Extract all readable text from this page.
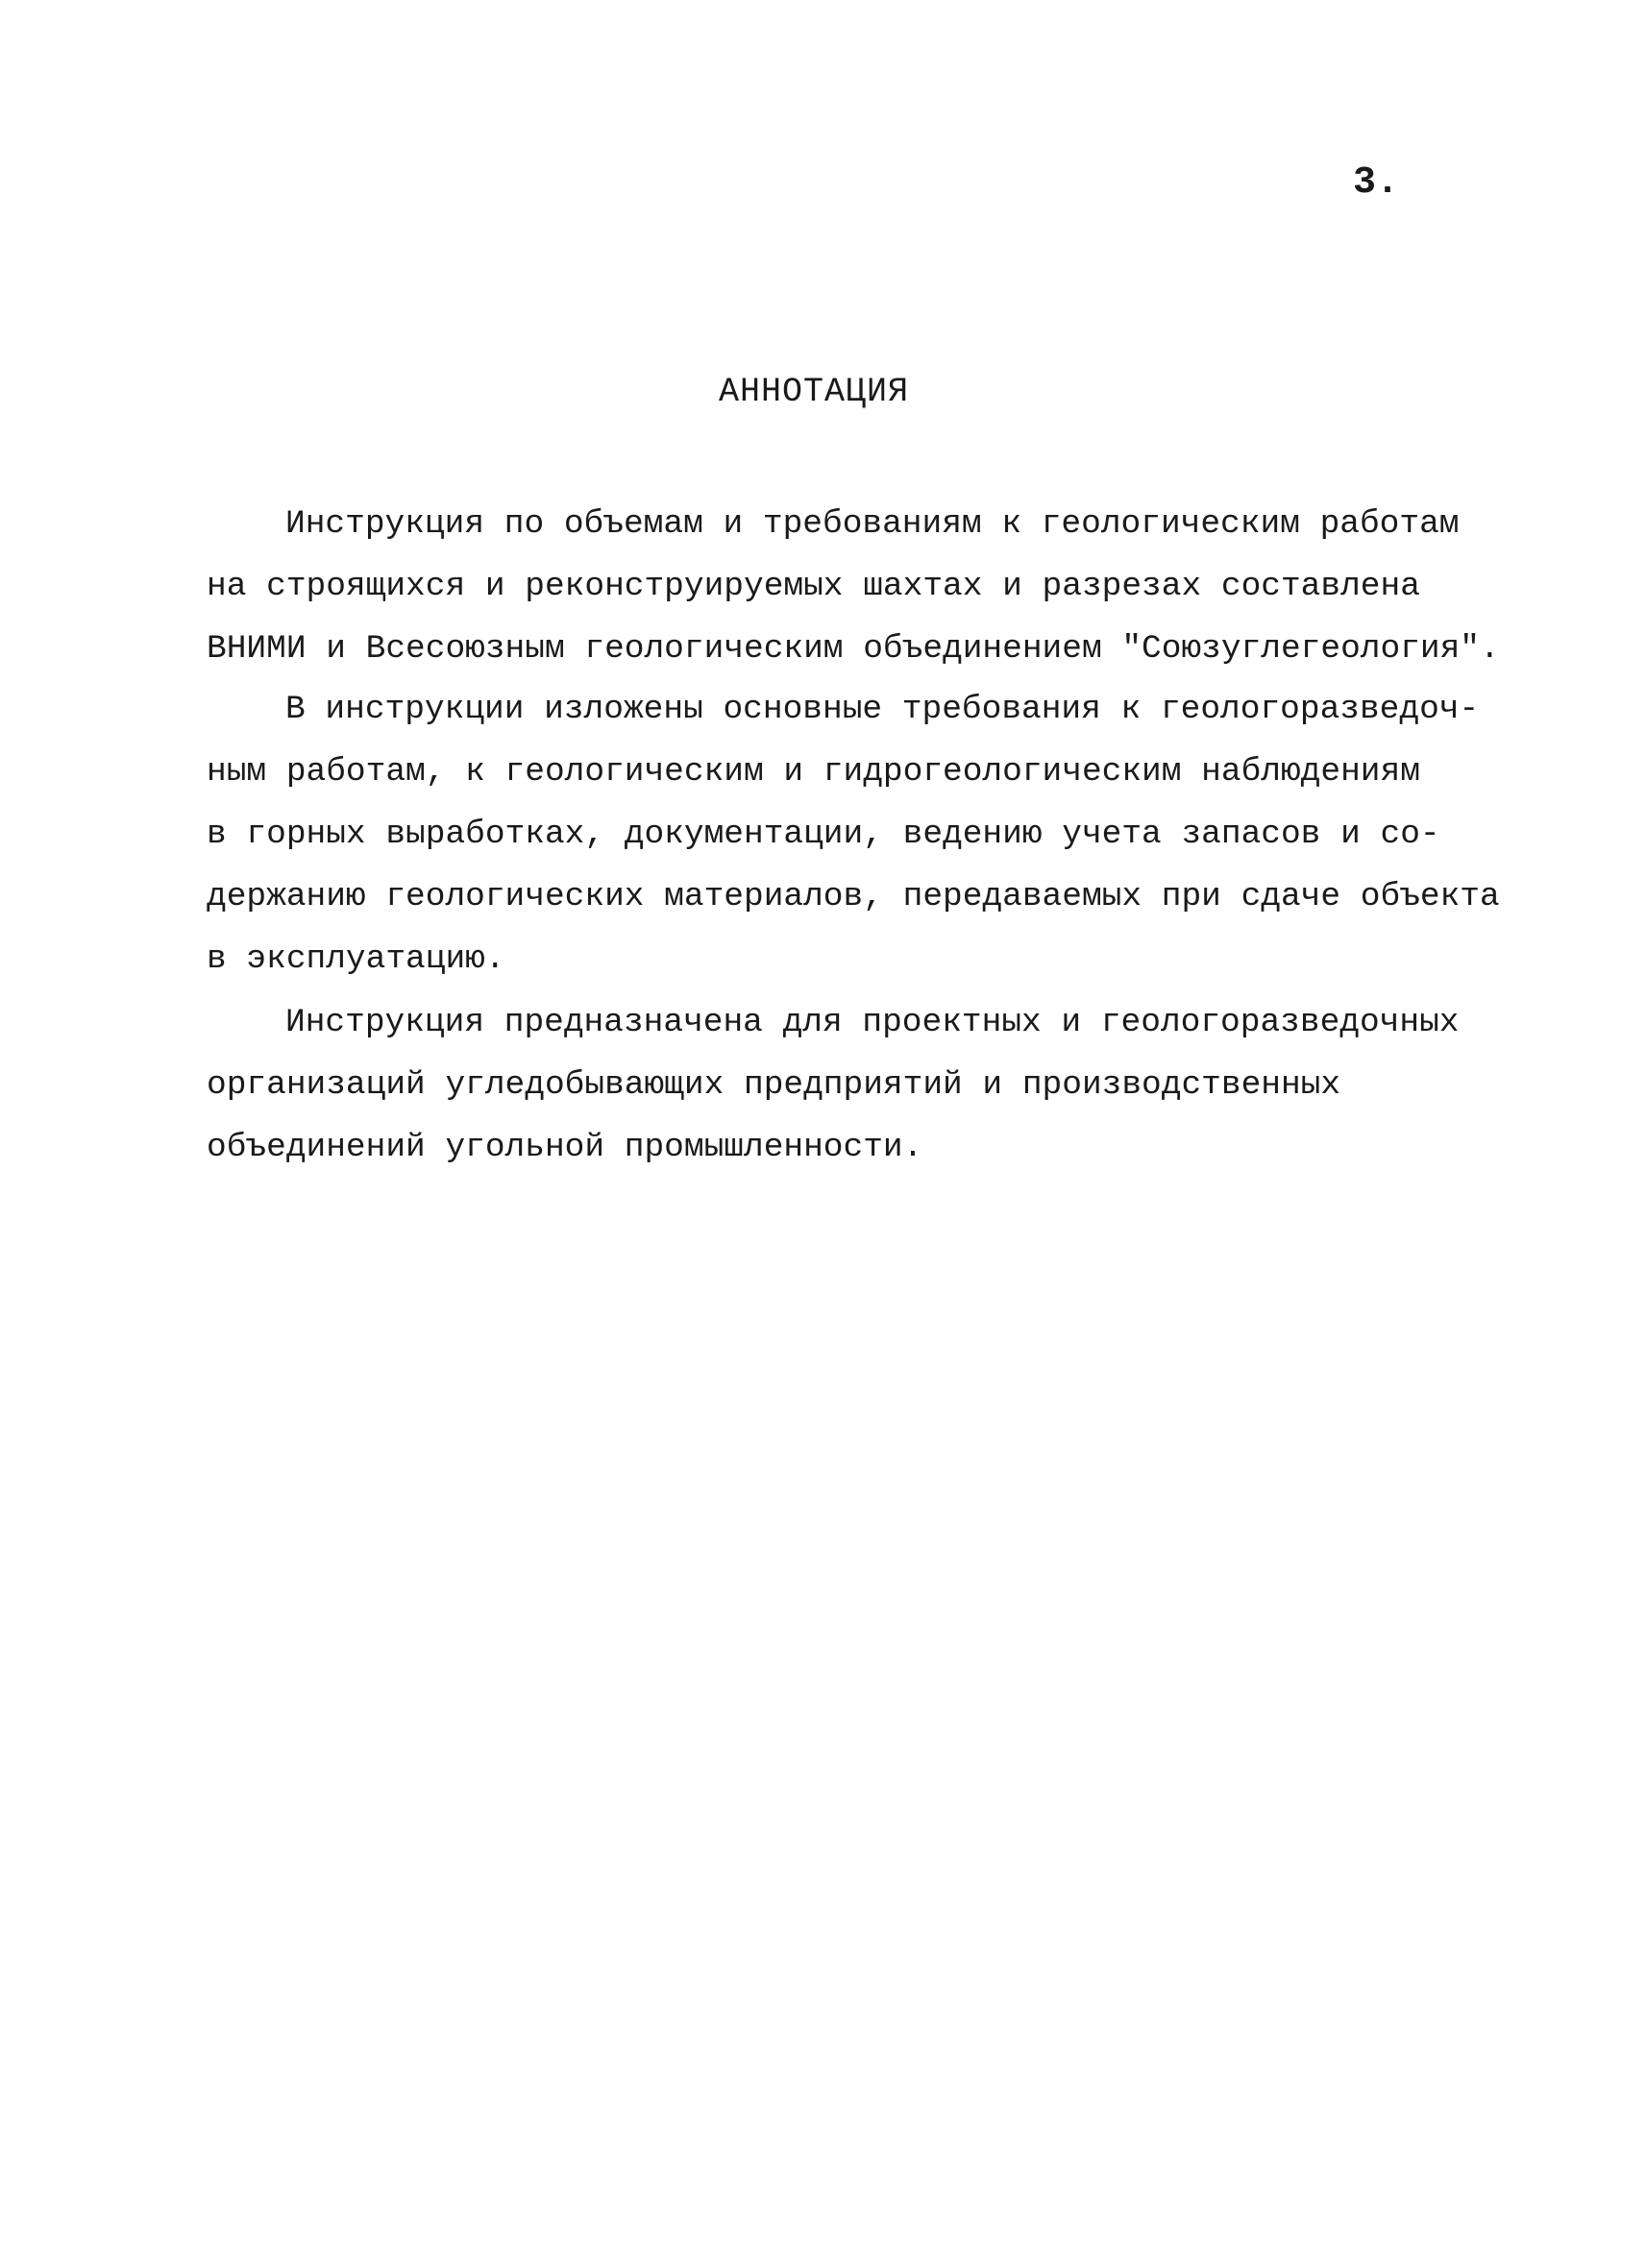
3.
АННОТАЦИЯ
Инструкция по объемам и требованиям к геологическим работам
на строящихся и реконструируемых шахтах и разрезах составлена
ВНИМИ и Всесоюзным геологическим объединением "Союзуглегеология".
В инструкции изложены основные требования к геологоразведоч-
ным работам, к геологическим и гидрогеологическим наблюдениям
в горных выработках, документации, ведению учета запасов и со-
держанию геологических материалов, передаваемых при сдаче объекта
в эксплуатацию.
Инструкция предназначена для проектных и геологоразведочных
организаций угледобывающих предприятий и производственных
объединений угольной промышленности.
